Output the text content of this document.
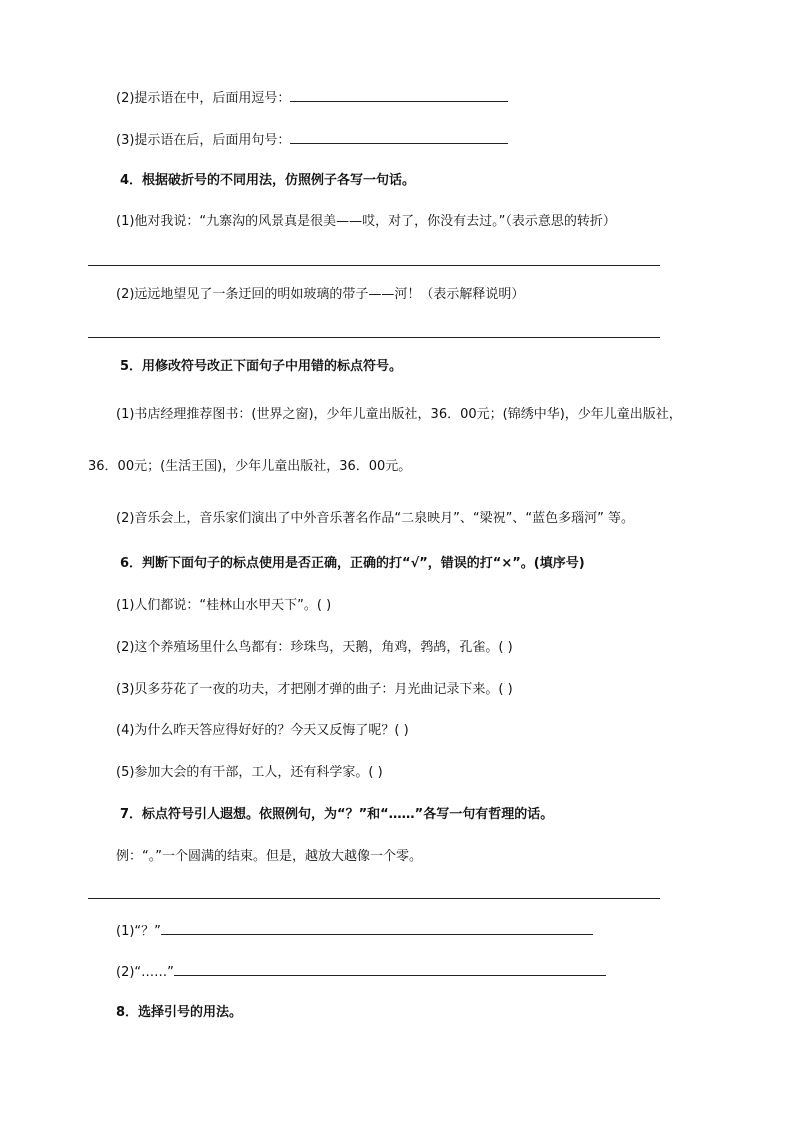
(2)提示语在中，后面用逗号：
(3)提示语在后，后面用句号：
4．根据破折号的不同用法，仿照例子各写一句话。
(1)他对我说：“九寨沟的风景真是很美——哎，对了，你没有去过。”（表示意思的转折）
(2)远远地望见了一条迂回的明如玻璃的带子——河！（表示解释说明）
5．用修改符号改正下面句子中用错的标点符号。
(1)书店经理推荐图书：(世界之窗)，少年儿童出版社，36．00元；(锦绣中华)，少年儿童出版社，
36．00元；(生活王国)，少年儿童出版社，36．00元。
(2)音乐会上，音乐家们演出了中外音乐著名作品“二泉映月”、“梁祝”、“蓝色多瑙河” 等。
6．判断下面句子的标点使用是否正确，正确的打“√”，错误的打“×”。(填序号)
(1)人们都说：“桂林山水甲天下”。( )
(2)这个养殖场里什么鸟都有：珍珠鸟，天鹅，角鸡，鹁鸪，孔雀。( )
(3)贝多芬花了一夜的功夫，才把刚才弹的曲子：月光曲记录下来。( )
(4)为什么昨天答应得好好的？今天又反悔了呢？( )
(5)参加大会的有干部，工人，还有科学家。( )
7．标点符号引人遐想。依照例句，为“？”和“……”各写一句有哲理的话。
例：“。”一个圆满的结束。但是，越放大越像一个零。
(1)“？”
(2)“……”
8．选择引号的用法。
